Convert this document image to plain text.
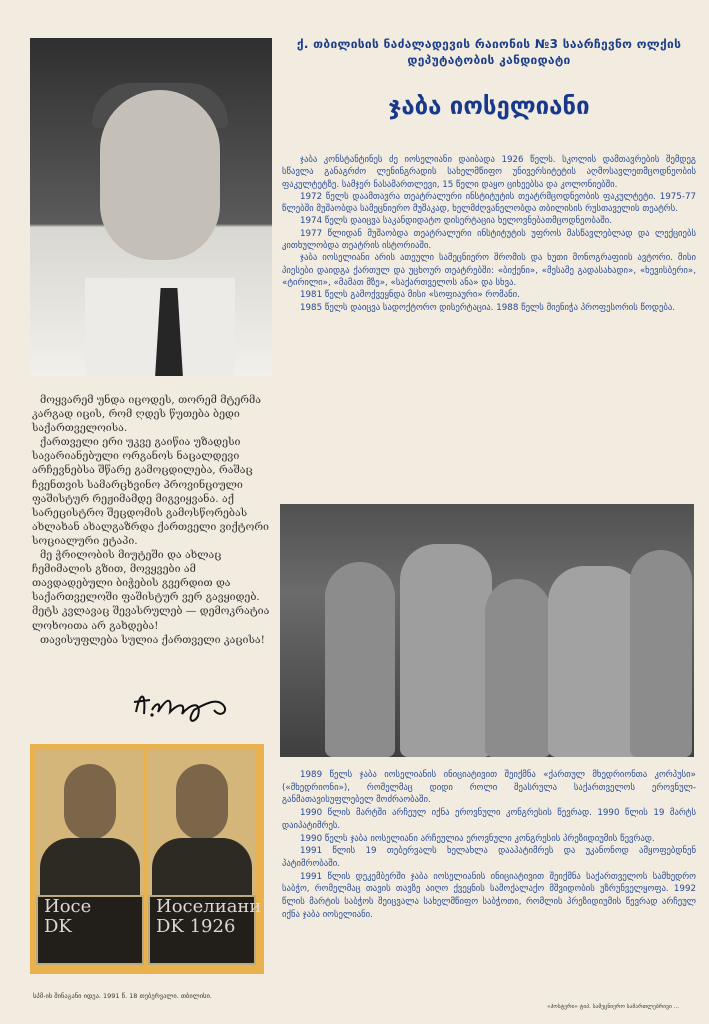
ქ. თბილისის ნაძალადევის რაიონის №3 საარჩევნო ოლქის
დეპუტატობის კანდიდატი
ჯაბა იოსელიანი

ჯაბა კონსტანტინეს ძე იოსელიანი დაიბადა 1926 წელს. სკოლის დამთავრების შემდეგ სწავლა განაგრძო ლენინგრადის სახელმწიფო უნივერსიტეტის აღმოსავლეთმცოდნეობის ფაკულტეტზე. სამჯერ ნასამართლევი, 15 წელი დაყო ციხეებსა და კოლონიებში.

1972 წელს დაამთავრა თეატრალური ინსტიტუტის თეატრმცოდნეობის ფაკულტეტი. 1975-77 წლებში მუშაობდა სამეცნიერო მუშაკად, ხელმძღვანელობდა თბილისის რუსთაველის თეატრს.

1974 წელს დაიცვა საკანდიდატო დისერტაცია ხელოვნებათმცოდნეობაში.

1977 წლიდან მუშაობდა თეატრალური ინსტიტუტის უფროს მასწავლებლად და ლექციებს კითხულობდა თეატრის ისტორიაში.

ჯაბა იოსელიანი არის ათეული სამეცნიერო შრომის და ხუთი მონოგრაფიის ავტორი. მისი პიესები დაიდგა ქართულ და უცხოურ თეატრებში: «ბიქენი», «მესამე გადასახადი», «ხევისბერი», «ტირილი», «მამათ მზე», «საქართველოს ანა» და სხვა.

1981 წელს გამოქვეყნდა მისი «სოფიაური» რომანი.

1985 წელს დაიცვა სადოქტორო დისერტაცია. 1988 წელს მიენიჭა პროფესორის წოდება.

მოყვარემ უნდა იცოდეს, თორემ მტერმა კარგად იცის, რომ ღდეს წუთება ბედი საქართველოისა.

ქართველი ერი უკვე გაიწია უზადესი სავარიანებული ორგანოს ნაცალდევი არჩევნებსა შწარე გამოცდილება, რაშაც ჩვენთვის სამარცხვინო პროვინციული ფაშისტურ რეჟიმამდე მიგვიყვანა. აქ სარეცისტრო შეცდომის გამოსწორებას ახლახან ახალგაზრდა ქართველი ვიქტორი სოციალური ეტაპი.

მე ჭრილობის მიუტეში და ახლაც ჩემიმალის გზით, მოვყვები ამ თავდადებული ბიჭების გვერდით და საქართველოში ფაშისტურ ვერ გავყიდებ. მეტს კვლავაც შევასრულებ — დემოკრატია ლოხოითა არ გახდება!

თავისუფლება სულია ქართველი კაცისა!

1989 წელს ჯაბა იოსელიანის ინიციატივით შეიქმნა «ქართულ მხედრიონთა კორპუსი» («მხედრიონი»), რომელმაც დიდი როლი შეასრულა საქართველოს ეროვნულ-განმათავისუფლებელ მოძრაობაში.

1990 წლის მარტში არჩეულ იქნა ეროვნული კონგრესის წევრად. 1990 წლის 19 მარტს დაიპატიმრეს.

1990 წელს ჯაბა იოსელიანი არჩეულია ეროვნული კონგრესის პრეზიდიუმის წევრად.

1991 წლის 19 თებერვალს ხელახლა დააპატიმრეს და უკანონოდ ამყოფებდნენ პატიმრობაში.

1991 წლის დეკემბერში ჯაბა იოსელიანის ინიციატივით შეიქმნა საქართველოს სამხედრო საბჭო, რომელმაც თავის თავზე აიღო ქვეყნის სამოქალაქო მშვიდობის უზრუნველყოფა. 1992 წლის მარტის საბჭოს შეიცვალა სახელმწიფო საბჭოთი, რომლის პრეზიდიუმის წევრად არჩეულ იქნა ჯაბა იოსელიანი.

Иосе
DK
Иоселиани
DK 1926
სპმ-ის შინაგანი იდეა. 1991 წ. 18 თებერვალი. თბილისი.
«პოსტერი» ტიპ. სამეცნიერო სამართლებრივი ...
